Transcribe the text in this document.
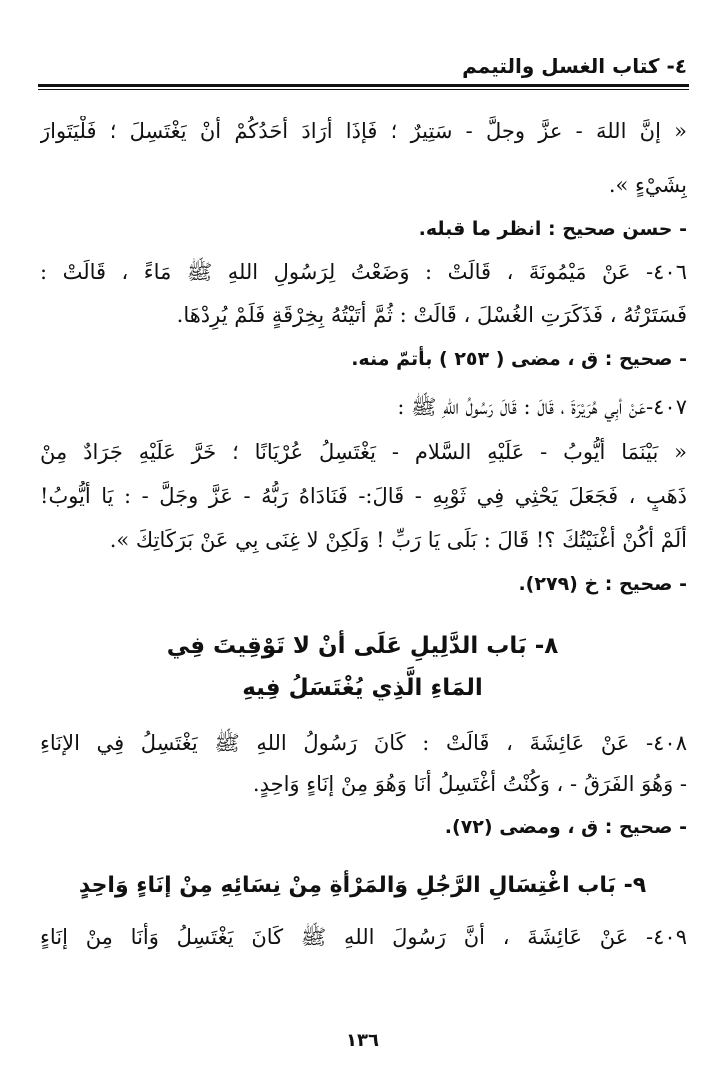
٤- كتاب الغسل والتيمم
« إنَّ اللهَ - عزَّ وجلَّ - سَتِيرٌ ؛ فَإذَا أرَادَ أحَدُكُمْ أنْ يَغْتَسِلَ ؛ فَلْيَتَوارَ
بِشَيْءٍ ».
- حسن صحيح : انظر ما قبله.
٤٠٦- عَنْ مَيْمُونَةَ ، قَالَتْ : وَضَعْتُ لِرَسُولِ اللهِ ﷺ مَاءً ، قَالَتْ :
فَسَتَرْتُهُ ، فَذَكَرَتِ الغُسْلَ ، قَالَتْ : ثُمَّ أتَيْتُهُ بِخِرْقَةٍ فَلَمْ يُرِدْهَا.
- صحيح : ق ، مضى ( ٢٥٣ ) بأتمّ منه.
٤٠٧-عَنْ أبِي هُرَيْرَةَ ، قَالَ : قَالَ رَسُولُ اللهِ ﷺ :
« بَيْنَمَا أيُّوبُ - عَلَيْهِ السَّلام - يَغْتَسِلُ عُرْيَانًا ؛ خَرَّ عَلَيْهِ جَرَادٌ مِنْ
ذَهَبٍ ، فَجَعَلَ يَحْثِي فِي ثَوْبِهِ - قَالَ:- فَنَادَاهُ رَبُّهُ - عَزَّ وجَلَّ - : يَا أيُّوبُ!
ألَمْ أكُنْ أغْنَيْتُكَ ؟! قَالَ : بَلَى يَا رَبِّ ! وَلَكِنْ لا غِنَى بِي عَنْ بَرَكَاتِكَ ».
- صحيح : خ (٢٧٩).
٨- بَاب الدَّلِيلِ عَلَى أنْ لا تَوْقِيتَ فِي
المَاءِ الَّذِي يُغْتَسَلُ فِيهِ
٤٠٨- عَنْ عَائِشَةَ ، قَالَتْ : كَانَ رَسُولُ اللهِ ﷺ يَغْتَسِلُ فِي الإنَاءِ
- وَهُوَ الفَرَقُ - ، وَكُنْتُ أغْتَسِلُ أنَا وَهُوَ مِنْ إنَاءٍ وَاحِدٍ.
- صحيح : ق ، ومضى (٧٢).
٩- بَاب اغْتِسَالِ الرَّجُلِ وَالمَرْأةِ مِنْ نِسَائِهِ مِنْ إنَاءٍ وَاحِدٍ
٤٠٩- عَنْ عَائِشَةَ ، أنَّ رَسُولَ اللهِ ﷺ كَانَ يَغْتَسِلُ وَأنَا مِنْ إنَاءٍ
١٣٦
